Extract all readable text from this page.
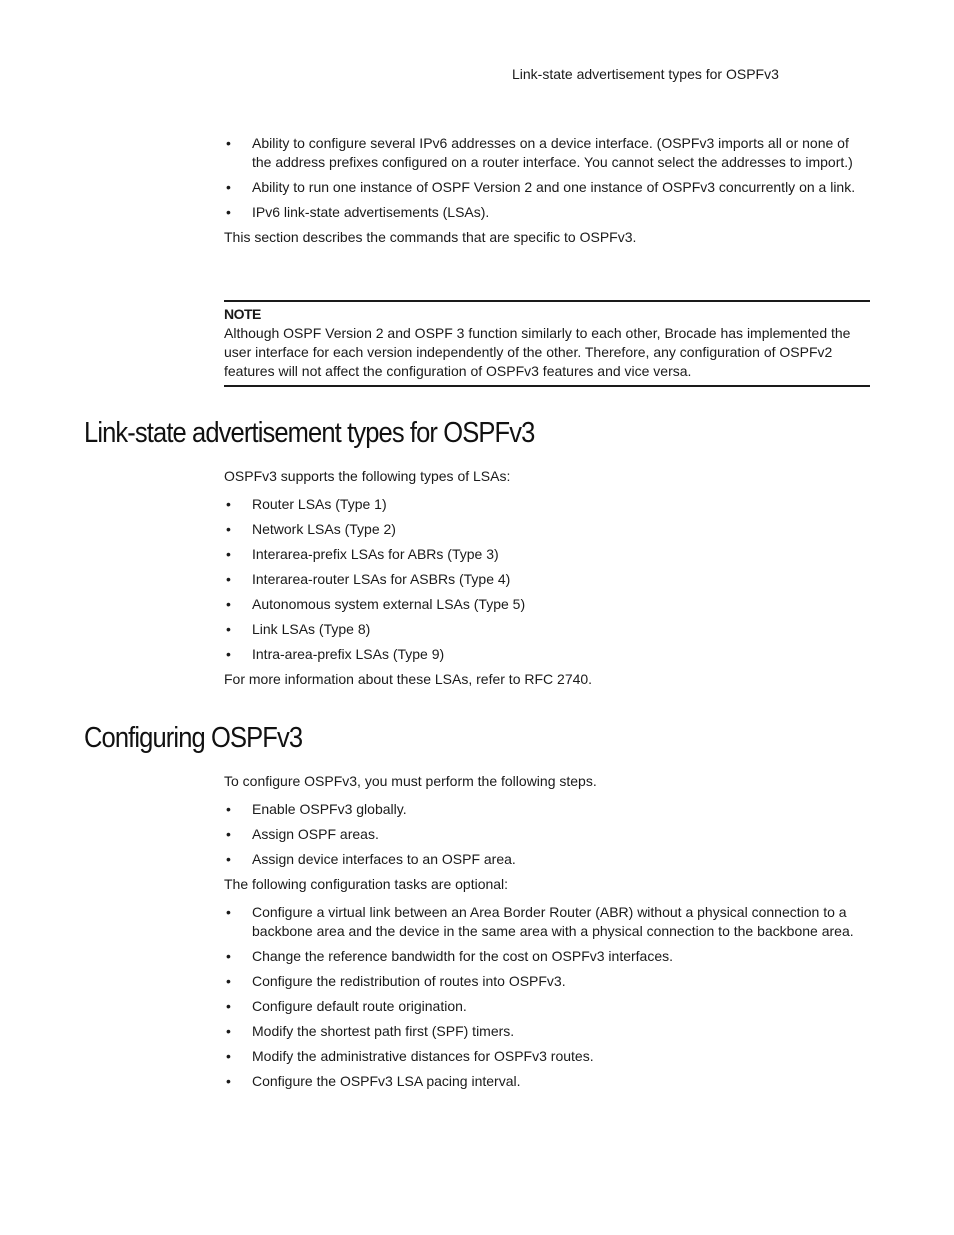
Link-state advertisement types for OSPFv3
• Ability to configure several IPv6 addresses on a device interface. (OSPFv3 imports all or none of the address prefixes configured on a router interface. You cannot select the addresses to import.)
• Ability to run one instance of OSPF Version 2 and one instance of OSPFv3 concurrently on a link.
• IPv6 link-state advertisements (LSAs).

This section describes the commands that are specific to OSPFv3.

NOTE
Although OSPF Version 2 and OSPF 3 function similarly to each other, Brocade has implemented the user interface for each version independently of the other. Therefore, any configuration of OSPFv2 features will not affect the configuration of OSPFv3 features and vice versa.
Link-state advertisement types for OSPFv3

OSPFv3 supports the following types of LSAs:

• Router LSAs (Type 1)
• Network LSAs (Type 2)
• Interarea-prefix LSAs for ABRs (Type 3)
• Interarea-router LSAs for ASBRs (Type 4)
• Autonomous system external LSAs (Type 5)
• Link LSAs (Type 8)
• Intra-area-prefix LSAs (Type 9)

For more information about these LSAs, refer to RFC 2740.

Configuring OSPFv3

To configure OSPFv3, you must perform the following steps.

• Enable OSPFv3 globally.
• Assign OSPF areas.
• Assign device interfaces to an OSPF area.

The following configuration tasks are optional:

• Configure a virtual link between an Area Border Router (ABR) without a physical connection to a backbone area and the device in the same area with a physical connection to the backbone area.
• Change the reference bandwidth for the cost on OSPFv3 interfaces.
• Configure the redistribution of routes into OSPFv3.
• Configure default route origination.
• Modify the shortest path first (SPF) timers.
• Modify the administrative distances for OSPFv3 routes.
• Configure the OSPFv3 LSA pacing interval.
